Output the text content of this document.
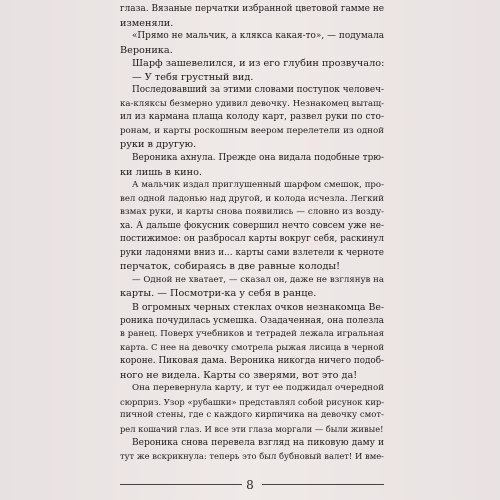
глаза. Вязаные перчатки избранной цветовой гамме не
изменяли.
«Прямо не мальчик, а клякса какая-то», — подумала
Вероника.
Шарф зашевелился, и из его глубин прозвучало:
— У тебя грустный вид.
Последовавший за этими словами поступок человеч-
ка-кляксы безмерно удивил девочку. Незнакомец вытащ-
ил из кармана плаща колоду карт, развел руки по сто-
ронам, и карты роскошным веером перелетели из одной
руки в другую.
Вероника ахнула. Прежде она видала подобные трю-
ки лишь в кино.
А мальчик издал приглушенный шарфом смешок, про-
вел одной ладонью над другой, и колода исчезла. Легкий
взмах руки, и карты снова появились — словно из возду-
ха. А дальше фокусник совершил нечто совсем уже не-
постижимое: он разбросал карты вокруг себя, раскинул
руки ладонями вниз и... карты сами взлетели к черноте
перчаток, собираясь в две равные колоды!
— Одной не хватает, — сказал он, даже не взглянув на
карты. — Посмотри-ка у себя в ранце.
В огромных черных стеклах очков незнакомца Ве-
роника почудилась усмешка. Озадаченная, она полезла
в ранец. Поверх учебников и тетрадей лежала игральная
карта. С нее на девочку смотрела рыжая лисица в черной
короне. Пиковая дама. Вероника никогда ничего подоб-
ного не видела. Карты со зверями, вот это да!
Она перевернула карту, и тут ее поджидал очередной
сюрприз. Узор «рубашки» представлял собой рисунок кир-
пичной стены, где с каждого кирпичика на девочку смот-
рел кошачий глаз. И все эти глаза моргали — были живые!
Вероника снова перевела взгляд на пиковую даму и
тут же вскрикнула: теперь это был бубновый валет! И вме-
8
